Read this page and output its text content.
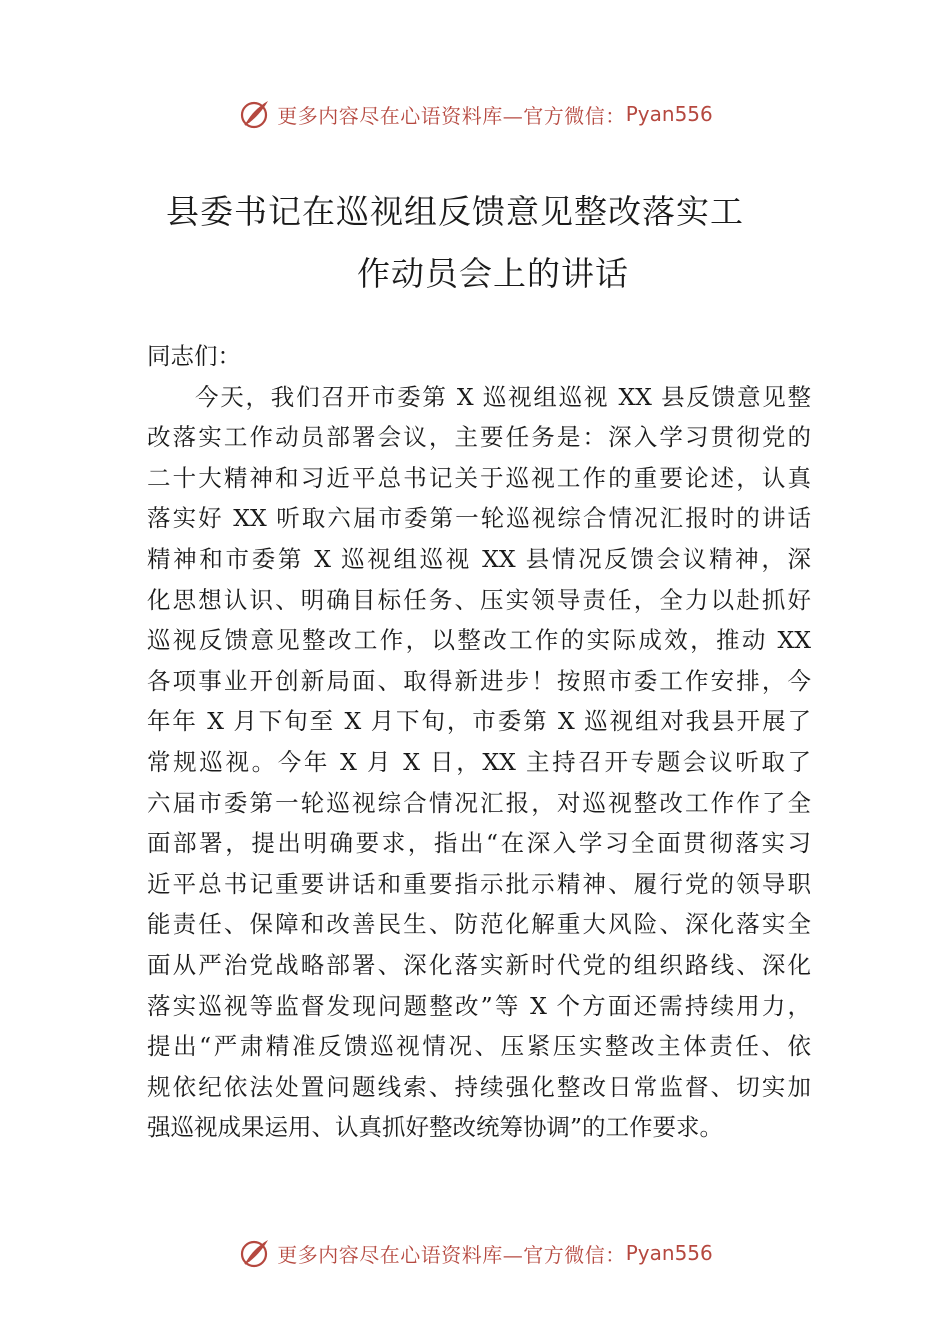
更多内容尽在心语资料库—官方微信： Pyan556
县委书记在巡视组反馈意见整改落实工
作动员会上的讲话
同志们：
今天，我们召开市委第 X 巡视组巡视 XX 县反馈意见整
改落实工作动员部署会议，主要任务是：深入学习贯彻党的
二十大精神和习近平总书记关于巡视工作的重要论述，认真
落实好 XX 听取六届市委第一轮巡视综合情况汇报时的讲话
精神和市委第 X 巡视组巡视 XX 县情况反馈会议精神，深
化思想认识、明确目标任务、压实领导责任，全力以赴抓好
巡视反馈意见整改工作，以整改工作的实际成效，推动 XX
各项事业开创新局面、取得新进步！按照市委工作安排，今
年年 X 月下旬至 X 月下旬，市委第 X 巡视组对我县开展了
常规巡视。今年 X 月 X 日，XX 主持召开专题会议听取了
六届市委第一轮巡视综合情况汇报，对巡视整改工作作了全
面部署，提出明确要求，指出“在深入学习全面贯彻落实习
近平总书记重要讲话和重要指示批示精神、履行党的领导职
能责任、保障和改善民生、防范化解重大风险、深化落实全
面从严治党战略部署、深化落实新时代党的组织路线、深化
落实巡视等监督发现问题整改”等 X 个方面还需持续用力，
提出“严肃精准反馈巡视情况、压紧压实整改主体责任、依
规依纪依法处置问题线索、持续强化整改日常监督、切实加
强巡视成果运用、认真抓好整改统筹协调”的工作要求。
更多内容尽在心语资料库—官方微信： Pyan556
